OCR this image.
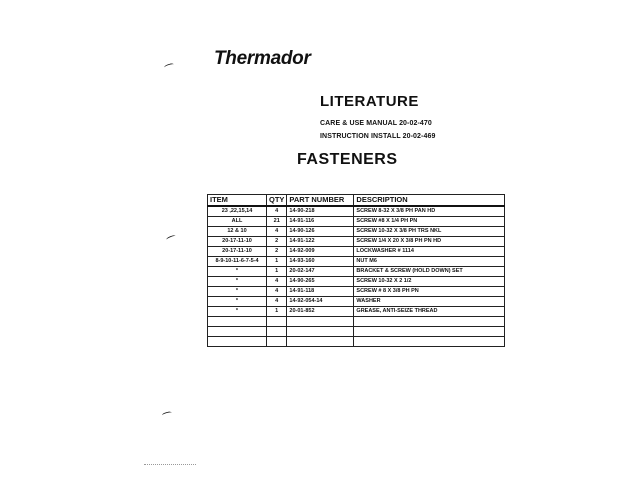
Thermador
LITERATURE
CARE & USE MANUAL 20-02-470
INSTRUCTION INSTALL 20-02-469
FASTENERS
ITEM	QTY	PART NUMBER	DESCRIPTION
23 ,22,15,14	4	14-90-218	SCREW 8-32 X 3/8 PH PAN HD
ALL	21	14-91-116	SCREW #8 X 1/4 PH PN
12 & 10	4	14-90-126	SCREW 10-32 X 3/8 PH TRS NKL
20-17-11-10	2	14-91-122	SCREW 1/4 X 20 X 3/8 PH PN HD
20-17-11-10	2	14-92-009	LOCKWASHER # 1114
8-9-10-11-6-7-5-4	1	14-93-160	NUT M6
*	1	20-02-147	BRACKET & SCREW (HOLD DOWN) SET
*	4	14-90-265	SCREW 10-32 X 2 1/2
*	4	14-91-118	SCREW # 8 X 3/8 PH PN
*	4	14-92-054-14	WASHER
*	1	20-01-852	GREASE, ANTI-SEIZE THREAD
